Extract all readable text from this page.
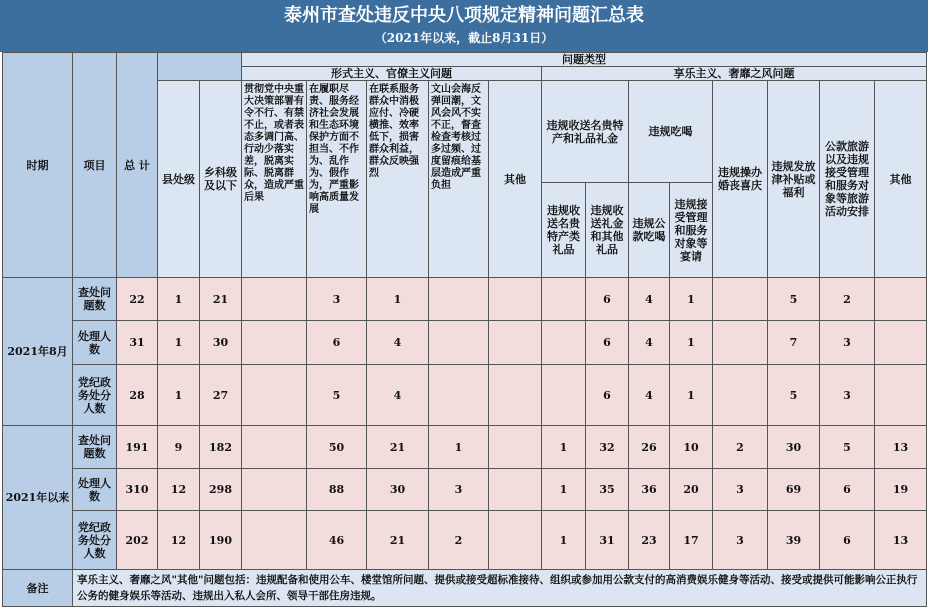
泰州市查处违反中央八项规定精神问题汇总表
（2021年以来，截止8月31日）
时期	项目	总 计			问题类型												
					形式主义、官僚主义问题					享乐主义、奢靡之风问题							
			县处级	乡科级及以下	贯彻党中央重大决策部署有令不行、有禁不止，或者表态多调门高、行动少落实差，脱离实际、脱离群众，造成严重后果	在履职尽责、服务经济社会发展和生态环境保护方面不担当、不作为、乱作为、假作为，严重影响高质量发展	在联系服务群众中消极应付、冷硬横推、效率低下，损害群众利益，群众反映强烈	文山会海反弹回潮，文风会风不实不正，督查检查考核过多过频、过度留痕给基层造成严重负担	其他	违规收送名贵特产和礼品礼金		违规吃喝		违规操办婚丧喜庆	违规发放津补贴或福利	公款旅游以及违规接受管理和服务对象等旅游活动安排	其他
										违规收送名贵特产类礼品	违规收送礼金和其他礼品	违规公款吃喝	违规接受管理和服务对象等宴请				
2021年8月	查处问题数	22	1	21		3	1				6	4	1		5	2	
	处理人数	31	1	30		6	4				6	4	1		7	3	
	党纪政务处分人数	28	1	27		5	4				6	4	1		5	3	
2021年以来	查处问题数	191	9	182		50	21	1		1	32	26	10	2	30	5	13
	处理人数	310	12	298		88	30	3		1	35	36	20	3	69	6	19
	党纪政务处分人数	202	12	190		46	21	2		1	31	23	17	3	39	6	13
备注	享乐主义、奢靡之风"其他"问题包括：违规配备和使用公车、楼堂馆所问题、提供或接受超标准接待、组织或参加用公款支付的高消费娱乐健身等活动、接受或提供可能影响公正执行公务的健身娱乐等活动、违规出入私人会所、领导干部住房违规。																
